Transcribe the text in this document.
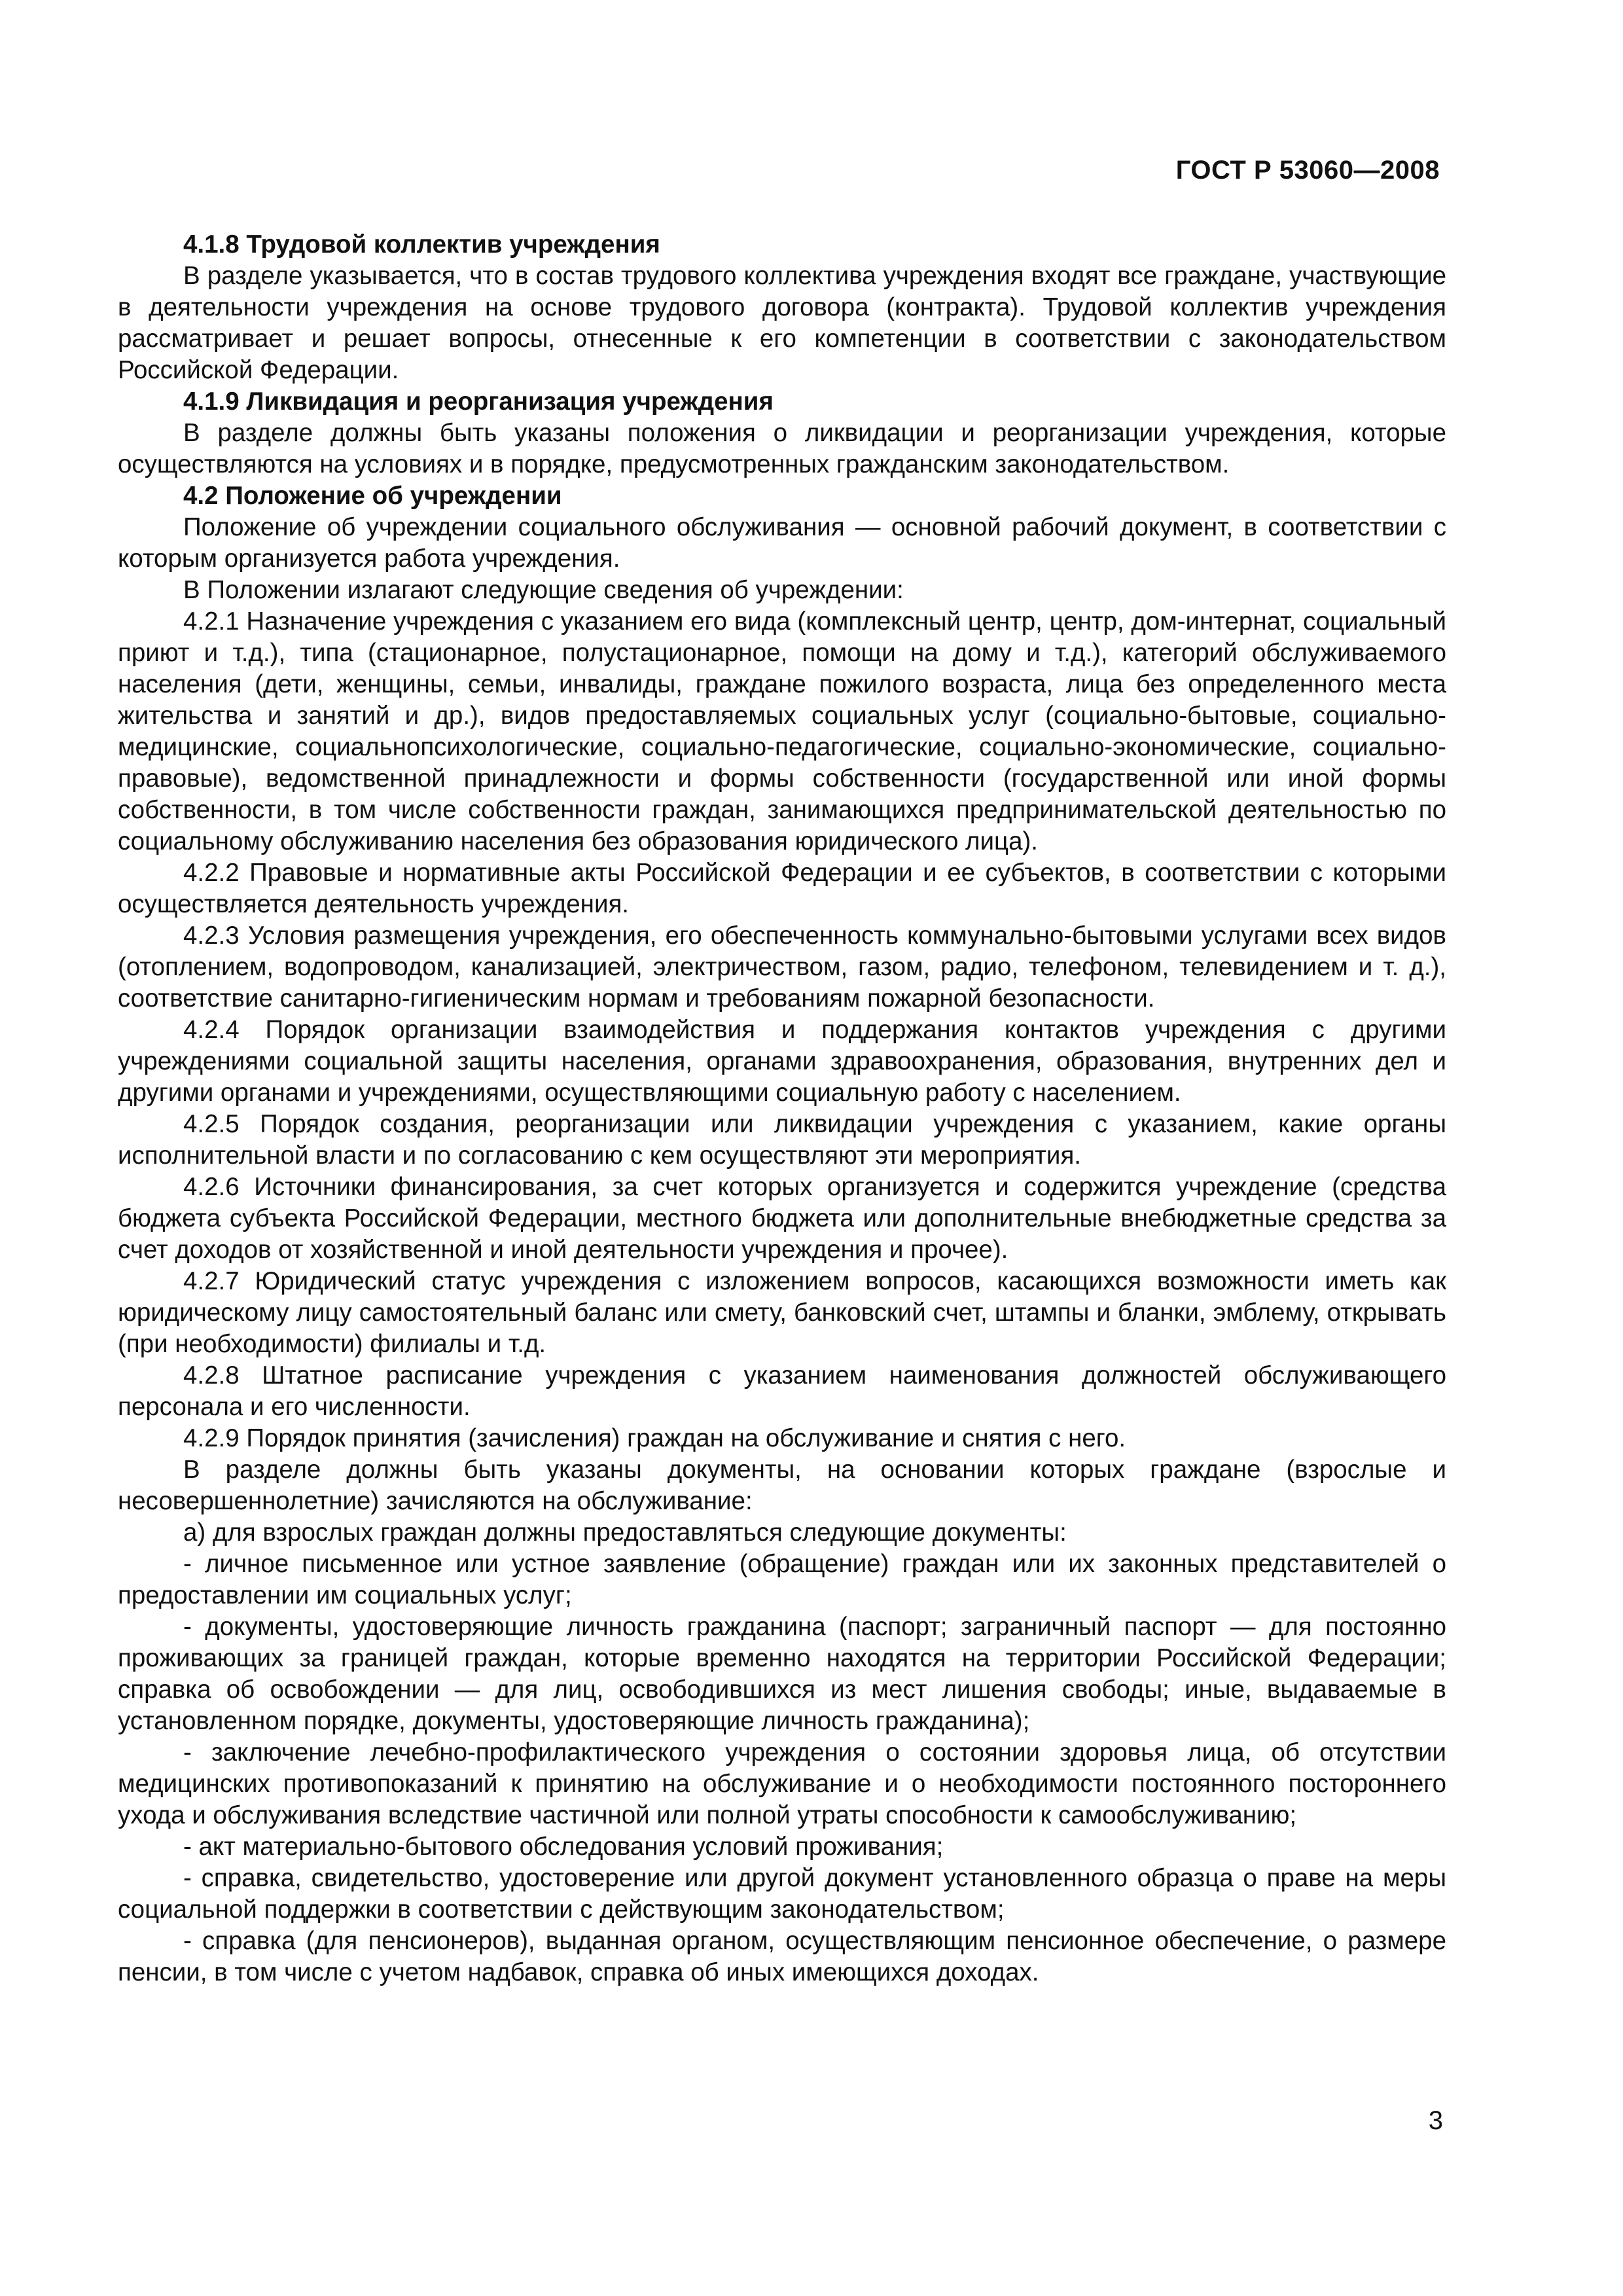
ГОСТ Р 53060—2008

4.1.8 Трудовой коллектив учреждения

В разделе указывается, что в состав трудового коллектива учреждения входят все граждане, участвующие в деятельности учреждения на основе трудового договора (контракта). Трудовой коллектив учреждения рассматривает и решает вопросы, отнесенные к его компетенции в соответствии с законодательством Российской Федерации.

4.1.9 Ликвидация и реорганизация учреждения

В разделе должны быть указаны положения о ликвидации и реорганизации учреждения, которые осуществляются на условиях и в порядке, предусмотренных гражданским законодательством.

4.2 Положение об учреждении

Положение об учреждении социального обслуживания — основной рабочий документ, в соответствии с которым организуется работа учреждения.

В Положении излагают следующие сведения об учреждении:

4.2.1 Назначение учреждения с указанием его вида (комплексный центр, центр, дом-интернат, социальный приют и т.д.), типа (стационарное, полустационарное, помощи на дому и т.д.), категорий обслуживаемого населения (дети, женщины, семьи, инвалиды, граждане пожилого возраста, лица без определенного места жительства и занятий и др.), видов предоставляемых социальных услуг (социально-бытовые, социально-медицинские, социальнопсихологические, социально-педагогические, социально-экономические, социально-правовые), ведомственной принадлежности и формы собственности (государственной или иной формы собственности, в том числе собственности граждан, занимающихся предпринимательской деятельностью по социальному обслуживанию населения без образования юридического лица).

4.2.2 Правовые и нормативные акты Российской Федерации и ее субъектов, в соответствии с которыми осуществляется деятельность учреждения.

4.2.3 Условия размещения учреждения, его обеспеченность коммунально-бытовыми услугами всех видов (отоплением, водопроводом, канализацией, электричеством, газом, радио, телефоном, телевидением и т. д.), соответствие санитарно-гигиеническим нормам и требованиям пожарной безопасности.

4.2.4 Порядок организации взаимодействия и поддержания контактов учреждения с другими учреждениями социальной защиты населения, органами здравоохранения, образования, внутренних дел и другими органами и учреждениями, осуществляющими социальную работу с населением.

4.2.5 Порядок создания, реорганизации или ликвидации учреждения с указанием, какие органы исполнительной власти и по согласованию с кем осуществляют эти мероприятия.

4.2.6 Источники финансирования, за счет которых организуется и содержится учреждение (средства бюджета субъекта Российской Федерации, местного бюджета или дополнительные внебюджетные средства за счет доходов от хозяйственной и иной деятельности учреждения и прочее).

4.2.7 Юридический статус учреждения с изложением вопросов, касающихся возможности иметь как юридическому лицу самостоятельный баланс или смету, банковский счет, штампы и бланки, эмблему, открывать (при необходимости) филиалы и т.д.

4.2.8 Штатное расписание учреждения с указанием наименования должностей обслуживающего персонала и его численности.

4.2.9 Порядок принятия (зачисления) граждан на обслуживание и снятия с него.

В разделе должны быть указаны документы, на основании которых граждане (взрослые и несовершеннолетние) зачисляются на обслуживание:

а) для взрослых граждан должны предоставляться следующие документы:

- личное письменное или устное заявление (обращение) граждан или их законных представителей о предоставлении им социальных услуг;

- документы, удостоверяющие личность гражданина (паспорт; заграничный паспорт — для постоянно проживающих за границей граждан, которые временно находятся на территории Российской Федерации; справка об освобождении — для лиц, освободившихся из мест лишения свободы; иные, выдаваемые в установленном порядке, документы, удостоверяющие личность гражданина);

- заключение лечебно-профилактического учреждения о состоянии здоровья лица, об отсутствии медицинских противопоказаний к принятию на обслуживание и о необходимости постоянного постороннего ухода и обслуживания вследствие частичной или полной утраты способности к самообслуживанию;

- акт материально-бытового обследования условий проживания;

- справка, свидетельство, удостоверение или другой документ установленного образца о праве на меры социальной поддержки в соответствии с действующим законодательством;

- справка (для пенсионеров), выданная органом, осуществляющим пенсионное обеспечение, о размере пенсии, в том числе с учетом надбавок, справка об иных имеющихся доходах.

3
